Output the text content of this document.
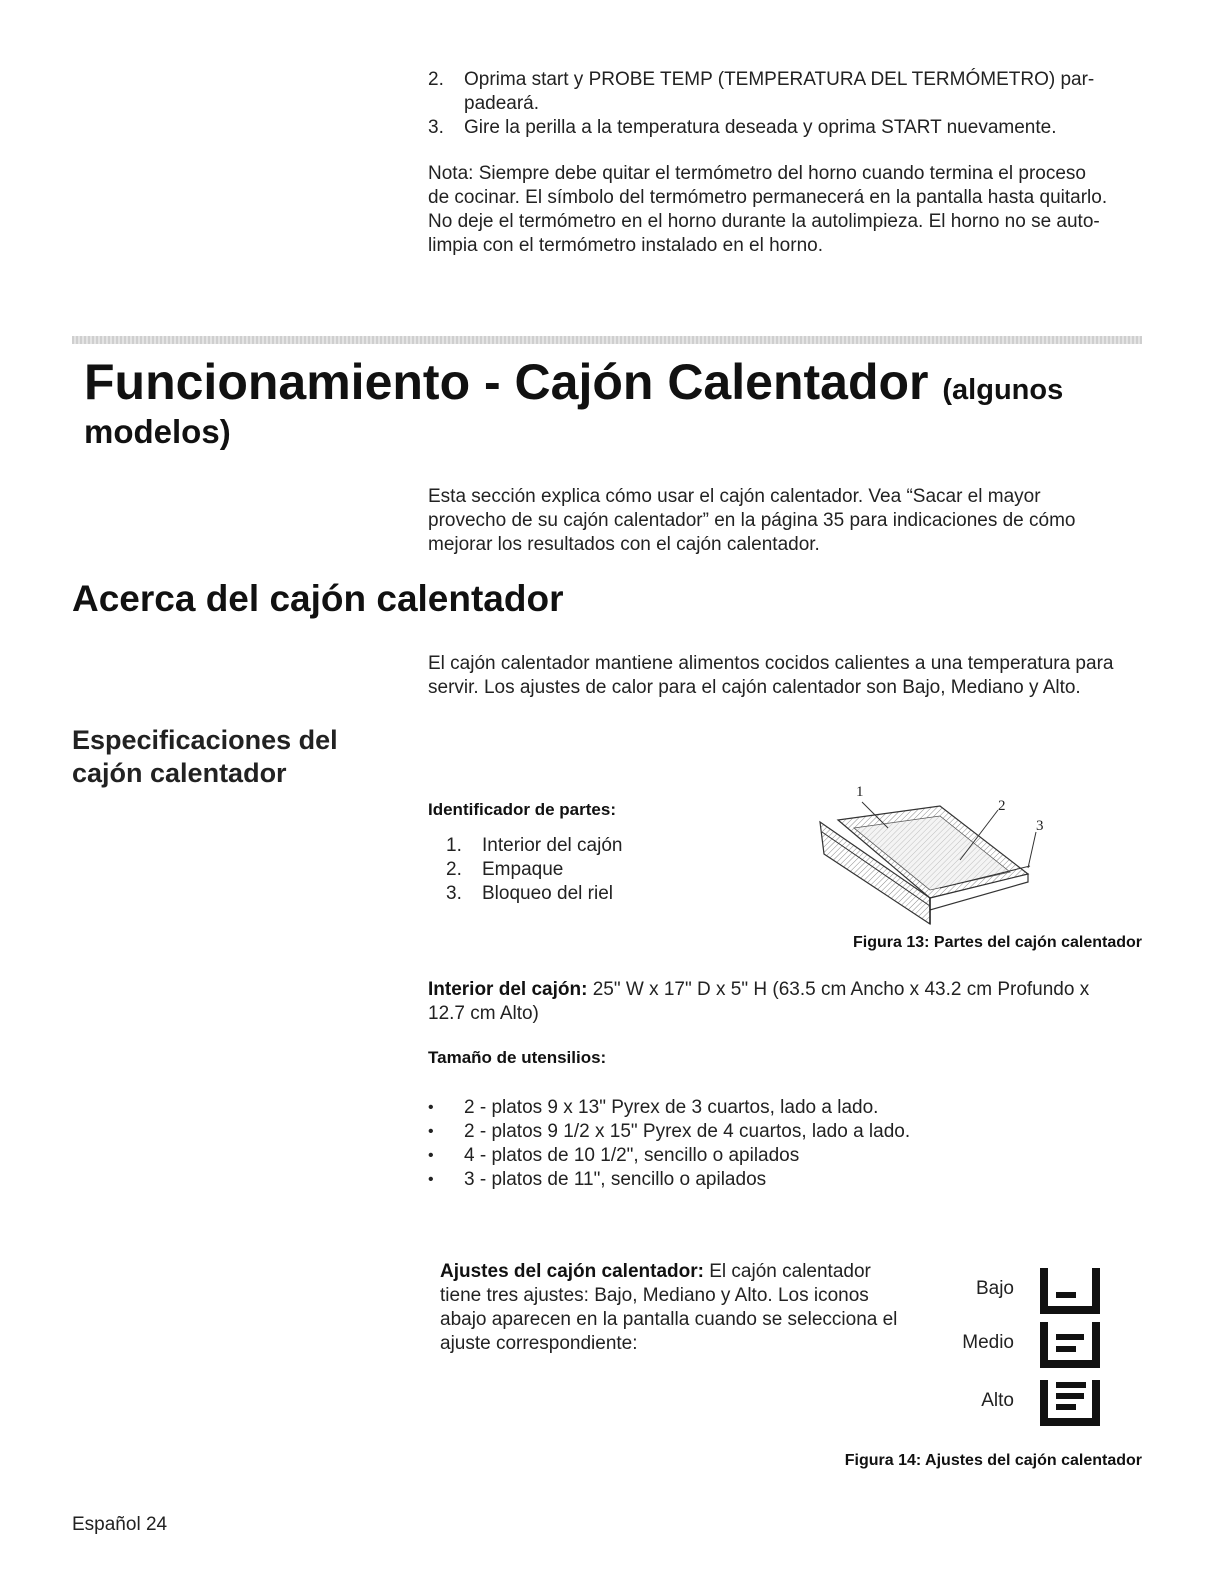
2. Oprima start y PROBE TEMP (TEMPERATURA DEL TERMÓMETRO) par-
padeará.
3. Gire la perilla a la temperatura deseada y oprima START nuevamente.
Nota: Siempre debe quitar el termómetro del horno cuando termina el proceso
de cocinar. El símbolo del termómetro permanecerá en la pantalla hasta quitarlo.
No deje el termómetro en el horno durante la autolimpieza. El horno no se auto-
limpia con el termómetro instalado en el horno.
Funcionamiento - Cajón Calentador (algunos
modelos)
Esta sección explica cómo usar el cajón calentador. Vea “Sacar el mayor
provecho de su cajón calentador” en la página 35 para indicaciones de cómo
mejorar los resultados con el cajón calentador.
Acerca del cajón calentador
El cajón calentador mantiene alimentos cocidos calientes a una temperatura para
servir. Los ajustes de calor para el cajón calentador son Bajo, Mediano y Alto.
Especificaciones del
cajón calentador
Identificador de partes:
1. Interior del cajón
2. Empaque
3. Bloqueo del riel
1
2
3
Figura 13: Partes del cajón calentador
Interior del cajón: 25" W x 17" D x 5" H (63.5 cm Ancho x 43.2 cm Profundo x
12.7 cm Alto)
Tamaño de utensilios:
• 2 - platos 9 x 13" Pyrex de 3 cuartos, lado a lado.
• 2 - platos 9 1/2 x 15" Pyrex de 4 cuartos, lado a lado.
• 4 - platos de 10 1/2", sencillo o apilados
• 3 - platos de 11", sencillo o apilados
Ajustes del cajón calentador: El cajón calentador
tiene tres ajustes: Bajo, Mediano y Alto. Los iconos
abajo aparecen en la pantalla cuando se selecciona el
ajuste correspondiente:
Bajo
Medio
Alto
Figura 14: Ajustes del cajón calentador
Español 24
